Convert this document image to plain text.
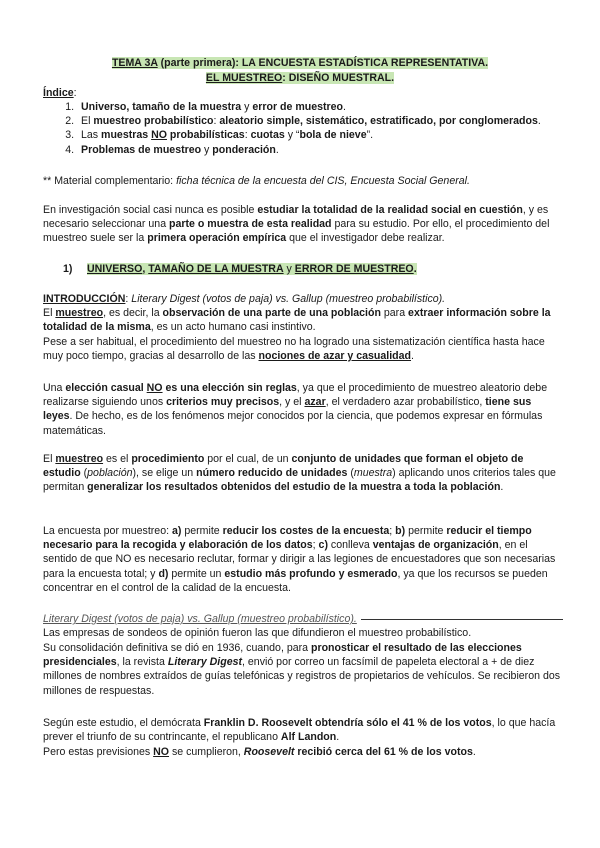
TEMA 3A (parte primera): LA ENCUESTA ESTADÍSTICA REPRESENTATIVA.
EL MUESTREO: DISEÑO MUESTRAL.
Índice:
1. Universo, tamaño de la muestra y error de muestreo.
2. El muestreo probabilístico: aleatorio simple, sistemático, estratificado, por conglomerados.
3. Las muestras NO probabilísticas: cuotas y “bola de nieve”.
4. Problemas de muestreo y ponderación.
** Material complementario: ficha técnica de la encuesta del CIS, Encuesta Social General.
En investigación social casi nunca es posible estudiar la totalidad de la realidad social en cuestión, y es necesario seleccionar una parte o muestra de esta realidad para su estudio. Por ello, el procedimiento del muestreo suele ser la primera operación empírica que el investigador debe realizar.
1) UNIVERSO, TAMAÑO DE LA MUESTRA y ERROR DE MUESTREO.
INTRODUCCIÓN: Literary Digest (votos de paja) vs. Gallup (muestreo probabilístico).
El muestreo, es decir, la observación de una parte de una población para extraer información sobre la totalidad de la misma, es un acto humano casi instintivo.
Pese a ser habitual, el procedimiento del muestreo no ha logrado una sistematización científica hasta hace muy poco tiempo, gracias al desarrollo de las nociones de azar y casualidad.
Una elección casual NO es una elección sin reglas, ya que el procedimiento de muestreo aleatorio debe realizarse siguiendo unos criterios muy precisos, y el azar, el verdadero azar probabilístico, tiene sus leyes. De hecho, es de los fenómenos mejor conocidos por la ciencia, que podemos expresar en fórmulas matemáticas.
El muestreo es el procedimiento por el cual, de un conjunto de unidades que forman el objeto de estudio (población), se elige un número reducido de unidades (muestra) aplicando unos criterios tales que permitan generalizar los resultados obtenidos del estudio de la muestra a toda la población.
La encuesta por muestreo: a) permite reducir los costes de la encuesta; b) permite reducir el tiempo necesario para la recogida y elaboración de los datos; c) conlleva ventajas de organización, en el sentido de que NO es necesario reclutar, formar y dirigir a las legiones de encuestadores que son necesarias para la encuesta total; y d) permite un estudio más profundo y esmerado, ya que los recursos se pueden concentrar en el control de la calidad de la encuesta.
Literary Digest (votos de paja) vs. Gallup (muestreo probabilístico).
Las empresas de sondeos de opinión fueron las que difundieron el muestreo probabilístico.
Su consolidación definitiva se dió en 1936, cuando, para pronosticar el resultado de las elecciones presidenciales, la revista Literary Digest, envió por correo un facsímil de papeleta electoral a + de diez millones de nombres extraídos de guías telefónicas y registros de propietarios de vehículos. Se recibieron dos millones de respuestas.
Según este estudio, el demócrata Franklin D. Roosevelt obtendría sólo el 41 % de los votos, lo que hacía prever el triunfo de su contrincante, el republicano Alf Landon.
Pero estas previsiones NO se cumplieron, Roosevelt recibió cerca del 61 % de los votos.
